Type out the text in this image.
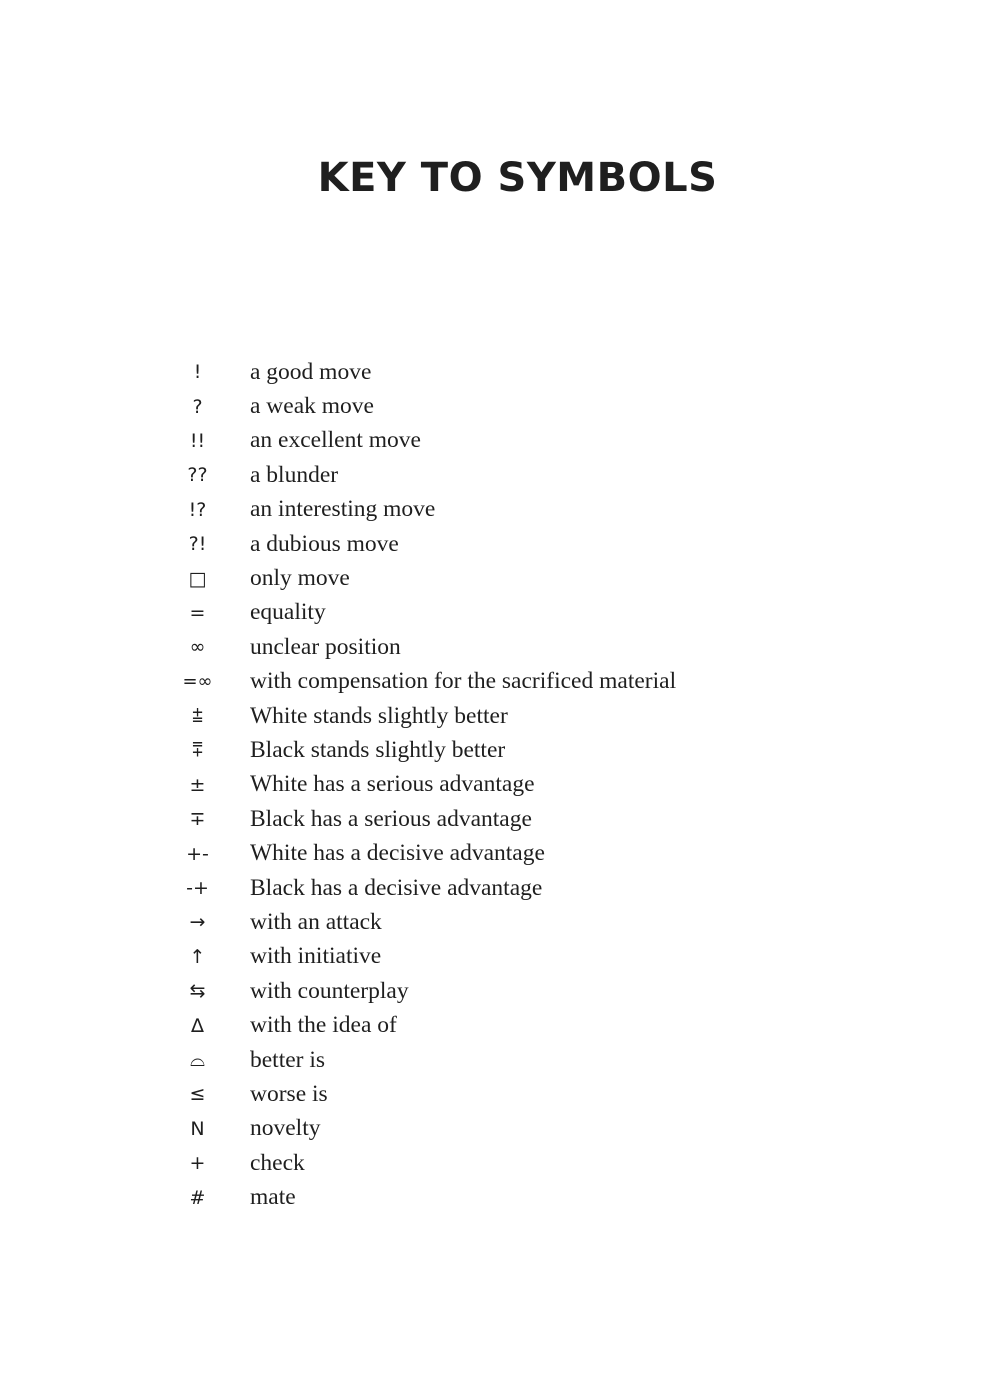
KEY TO SYMBOLS
!	a good move
?	a weak move
!!	an excellent move
??	a blunder
!?	an interesting move
?!	a dubious move
□	only move
=	equality
∞	unclear position
=∞	with compensation for the sacrificed material
⩲	White stands slightly better
⩱	Black stands slightly better
±	White has a serious advantage
∓	Black has a serious advantage
+-	White has a decisive advantage
-+	Black has a decisive advantage
→	with an attack
↑	with initiative
⇆	with counterplay
∆	with the idea of
⌓	better is
≤	worse is
N	novelty
+	check
#	mate
